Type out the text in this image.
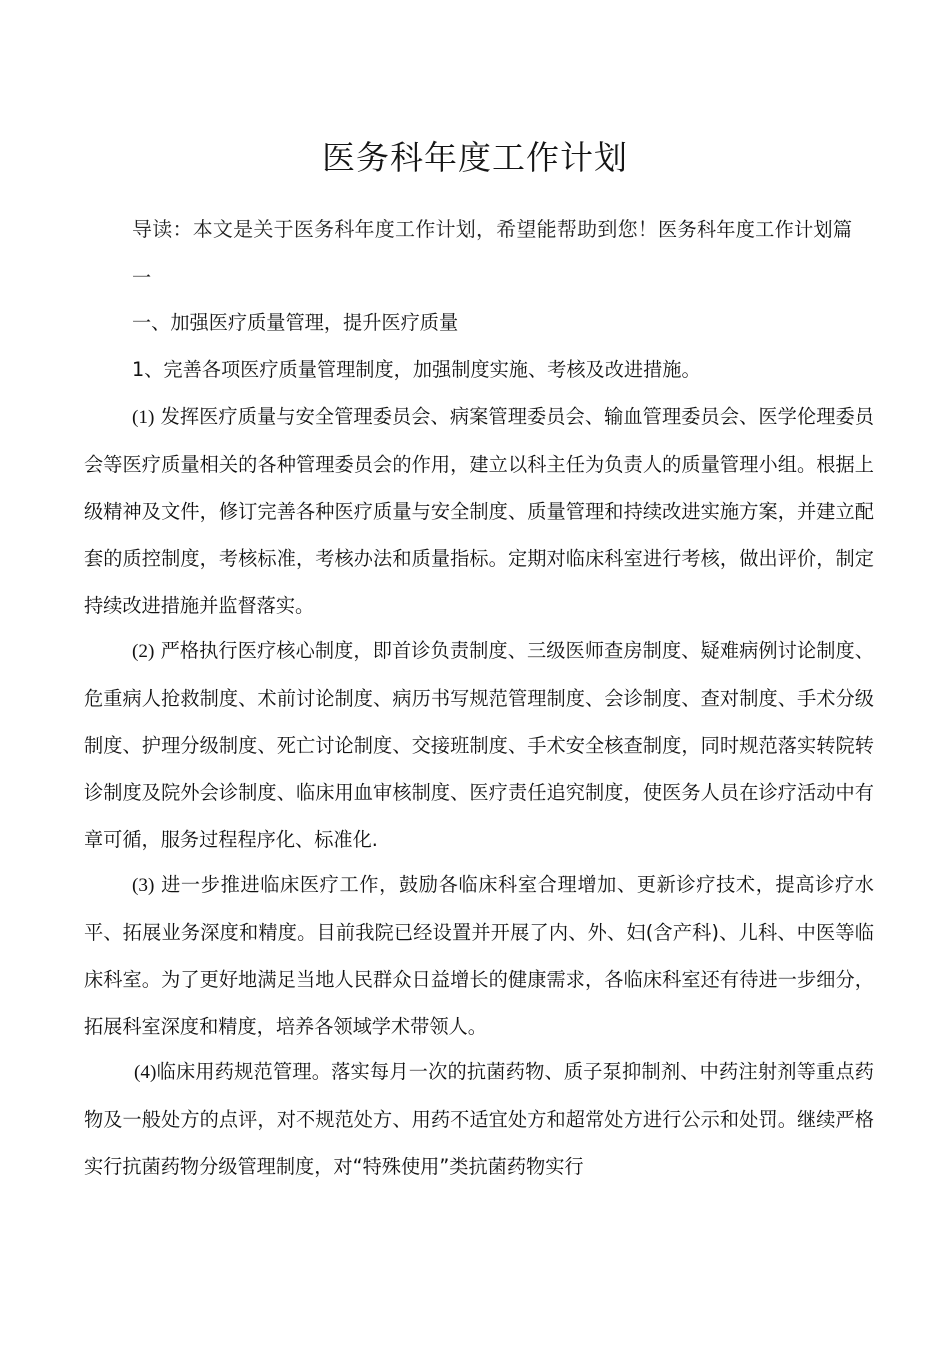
医务科年度工作计划

导读：本文是关于医务科年度工作计划，希望能帮助到您！医务科年度工作计划篇一

一、加强医疗质量管理，提升医疗质量

1、完善各项医疗质量管理制度，加强制度实施、考核及改进措施。

(1) 发挥医疗质量与安全管理委员会、病案管理委员会、输血管理委员会、医学伦理委员会等医疗质量相关的各种管理委员会的作用，建立以科主任为负责人的质量管理小组。根据上级精神及文件，修订完善各种医疗质量与安全制度、质量管理和持续改进实施方案，并建立配套的质控制度，考核标准，考核办法和质量指标。定期对临床科室进行考核，做出评价，制定持续改进措施并监督落实。

(2) 严格执行医疗核心制度，即首诊负责制度、三级医师查房制度、疑难病例讨论制度、危重病人抢救制度、术前讨论制度、病历书写规范管理制度、会诊制度、查对制度、手术分级制度、护理分级制度、死亡讨论制度、交接班制度、手术安全核查制度，同时规范落实转院转诊制度及院外会诊制度、临床用血审核制度、医疗责任追究制度，使医务人员在诊疗活动中有章可循，服务过程程序化、标准化.

(3) 进一步推进临床医疗工作，鼓励各临床科室合理增加、更新诊疗技术，提高诊疗水平、拓展业务深度和精度。目前我院已经设置并开展了内、外、妇(含产科)、儿科、中医等临床科室。为了更好地满足当地人民群众日益增长的健康需求，各临床科室还有待进一步细分，拓展科室深度和精度，培养各领域学术带领人。

(4)临床用药规范管理。落实每月一次的抗菌药物、质子泵抑制剂、中药注射剂等重点药物及一般处方的点评，对不规范处方、用药不适宜处方和超常处方进行公示和处罚。继续严格实行抗菌药物分级管理制度，对“特殊使用”类抗菌药物实行
